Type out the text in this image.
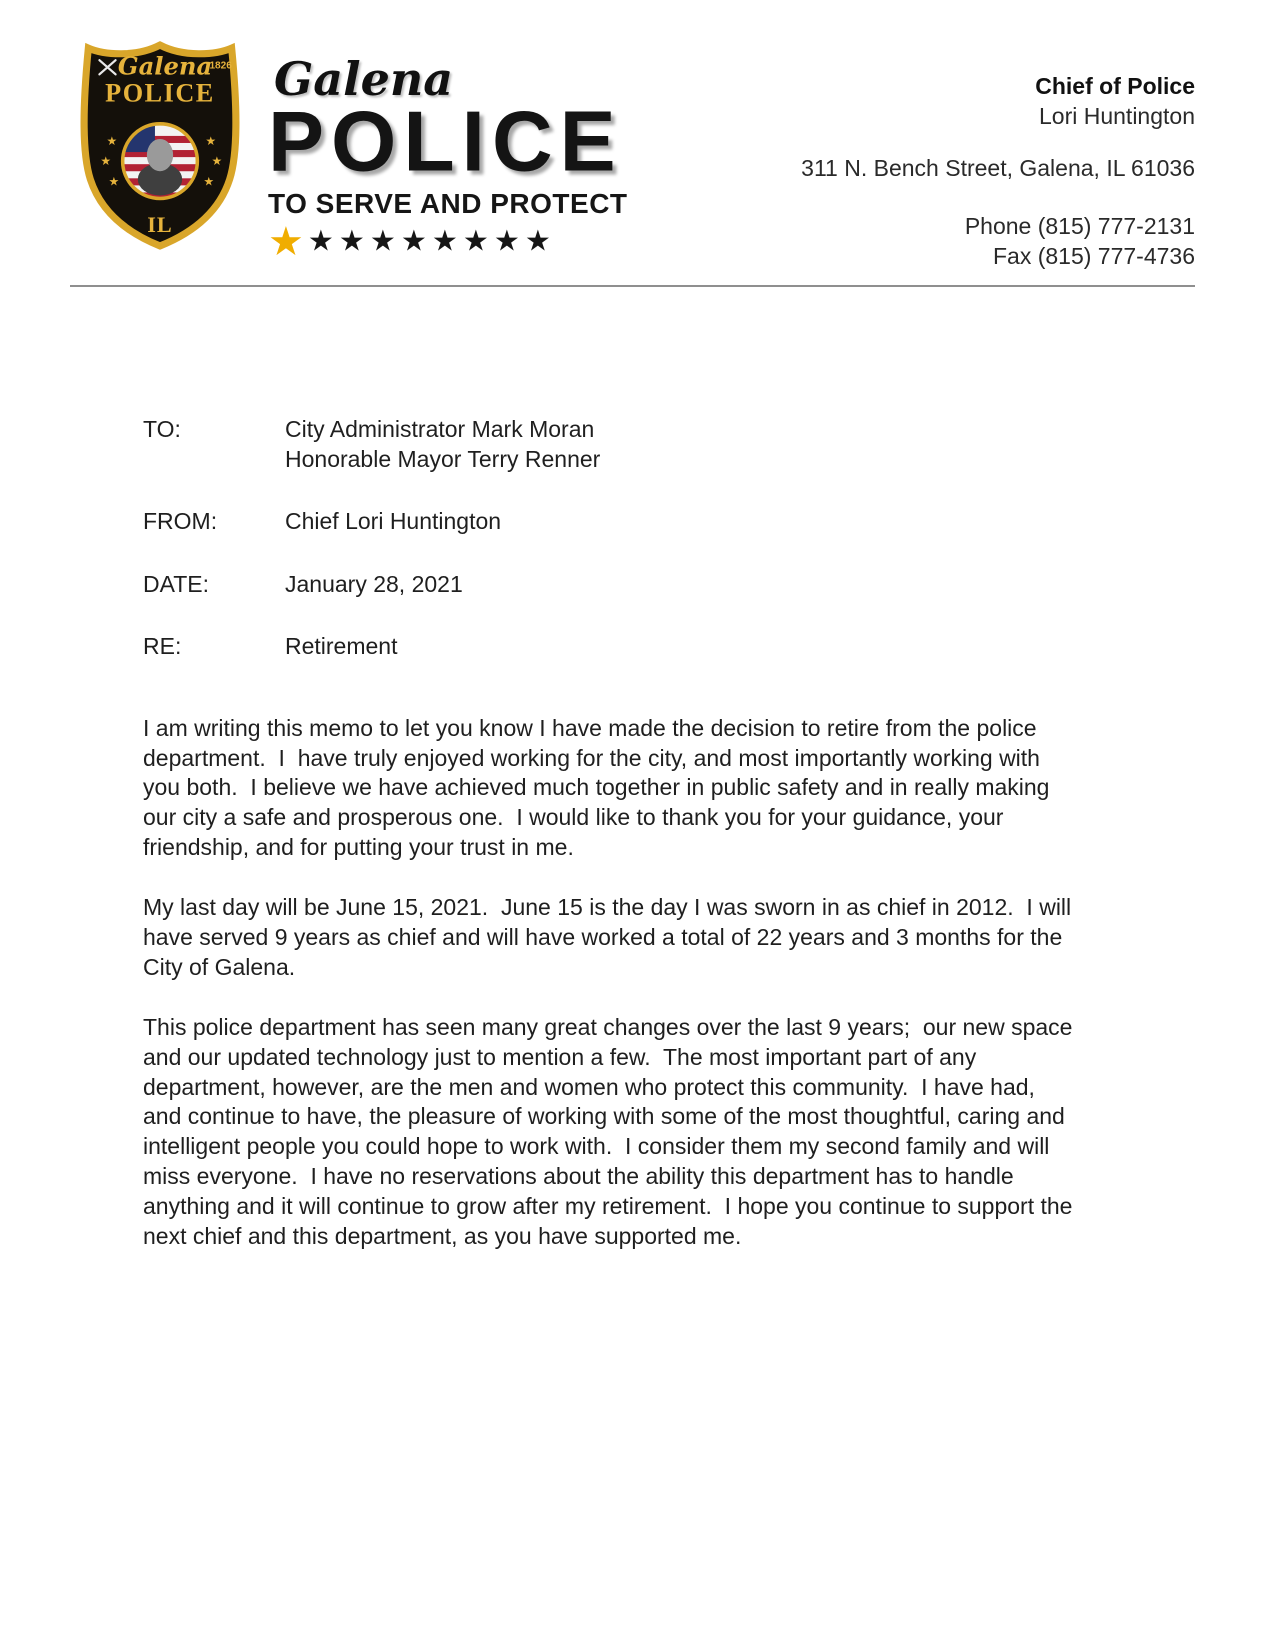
Galena
1826
POLICE
★
★
★
★
★
★
IL
Galena
POLICE
TO SERVE AND PROTECT
★ ★★★★★★★★
Chief of Police
Lori Huntington
311 N. Bench Street, Galena, IL 61036
Phone (815) 777-2131
Fax (815) 777-4736
TO:	City Administrator Mark Moran
Honorable Mayor Terry Renner
FROM:	Chief Lori Huntington
DATE:	January 28, 2021
RE:	Retirement

I am writing this memo to let you know I have made the decision to retire from the police department.  I  have truly enjoyed working for the city, and most importantly working with you both.  I believe we have achieved much together in public safety and in really making our city a safe and prosperous one.  I would like to thank you for your guidance, your friendship, and for putting your trust in me.

My last day will be June 15, 2021.  June 15 is the day I was sworn in as chief in 2012.  I will have served 9 years as chief and will have worked a total of 22 years and 3 months for the City of Galena.

This police department has seen many great changes over the last 9 years;  our new space and our updated technology just to mention a few.  The most important part of any department, however, are the men and women who protect this community.  I have had, and continue to have, the pleasure of working with some of the most thoughtful, caring and intelligent people you could hope to work with.  I consider them my second family and will miss everyone.  I have no reservations about the ability this department has to handle anything and it will continue to grow after my retirement.  I hope you continue to support the next chief and this department, as you have supported me.
